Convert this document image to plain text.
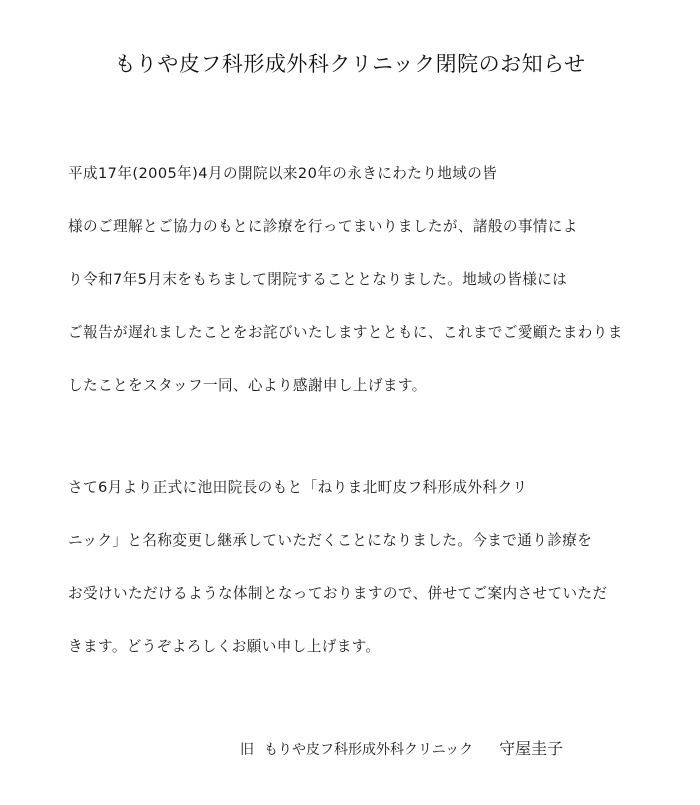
もりや皮フ科形成外科クリニック閉院のお知らせ
平成17年(2005年)4月の開院以来20年の永きにわたり地域の皆
様のご理解とご協力のもとに診療を行ってまいりましたが、諸般の事情によ
り令和7年5月末をもちまして閉院することとなりました。地域の皆様には
ご報告が遅れましたことをお詫びいたしますとともに、これまでご愛顧たまわりま
したことをスタッフ一同、心より感謝申し上げます。
さて6月より正式に池田院長のもと「ねりま北町皮フ科形成外科クリ
ニック」と名称変更し継承していただくことになりました。今まで通り診療を
お受けいただけるような体制となっておりますので、併せてご案内させていただ
きます。どうぞよろしくお願い申し上げます。
旧 もりや皮フ科形成外科クリニック 守屋圭子
